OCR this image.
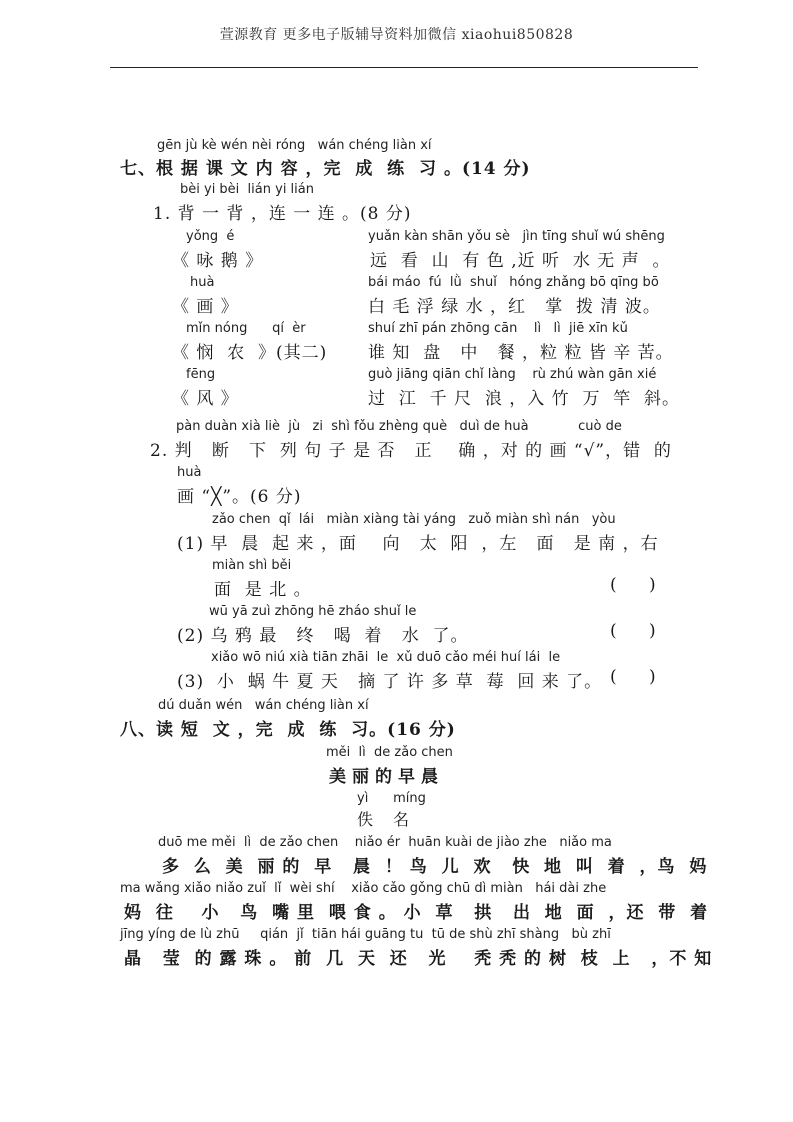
萱源教育 更多电子版辅导资料加微信 xiaohui850828
gēn jù kè wén nèi róng   wán chéng liàn xí
七、根 据 课 文 内 容 ，完  成  练  习 。(14 分)
bèi yi bèi  lián yi lián
1. 背 一 背 ，连 一 连 。(8 分)
yǒng  é
《 咏 鹅 》
huà
《 画 》
mǐn nóng      qí  èr
《 悯  农  》(其二)
fēng
《 风 》
yuǎn kàn shān yǒu sè   jìn tīng shuǐ wú shēng
远  看  山  有 色 ,近 听  水 无 声  。
bái máo  fú  lǜ  shuǐ   hóng zhǎng bō qīng bō
白 毛 浮 绿 水 ，红   掌  拨 清 波。
shuí zhī pán zhōng cān    lì   lì  jiē xīn kǔ
谁 知  盘   中   餐 ，粒 粒 皆 辛 苦。
guò jiāng qiān chǐ làng    rù zhú wàn gān xié
过  江  千 尺  浪 ，入 竹  万  竿  斜。
pàn duàn xià liè  jù   zi  shì fǒu zhèng què   duì de huà            cuò de
2. 判   断   下  列 句 子 是 否   正    确 ，对 的 画 “√”，错  的
huà
画 “╳”。(6 分)
zǎo chen  qǐ  lái   miàn xiàng tài yáng   zuǒ miàn shì nán   yòu
(1) 早  晨  起 来 ，面    向   太  阳  ，左   面   是 南 ，右
miàn shì běi
面  是 北 。	(      )
wū yā zuì zhōng hē zháo shuǐ le
(2) 乌 鸦 最   终   喝  着   水  了。	(      )
xiǎo wō niú xià tiān zhāi  le  xǔ duō cǎo méi huí lái  le
(3)  小  蜗 牛 夏 天   摘 了 许 多 草  莓  回 来 了。 (      )
dú duǎn wén   wán chéng liàn xí
八、读 短  文 ，完  成  练  习。(16 分)
měi  lì  de zǎo chen
美丽的早晨
yì      míng
佚名
duō me měi  lì  de zǎo chen    niǎo ér  huān kuài de jiào zhe   niǎo ma
多  么  美  丽 的  早   晨  ！ 鸟  儿  欢   快  地  叫  着  ，鸟  妈
ma wǎng xiǎo niǎo zuǐ  lǐ  wèi shí    xiǎo cǎo gǒng chū dì miàn   hái dài zhe
妈  往    小   鸟  嘴 里  喂 食 。 小  草   拱   出  地  面  ，还  带  着
jīng yíng de lù zhū     qián  jǐ  tiān hái guāng tu  tū de shù zhī shàng   bù zhī
晶   莹  的 露 珠 。 前  几  天  还   光    秃 秃 的 树  枝  上   ，不 知
